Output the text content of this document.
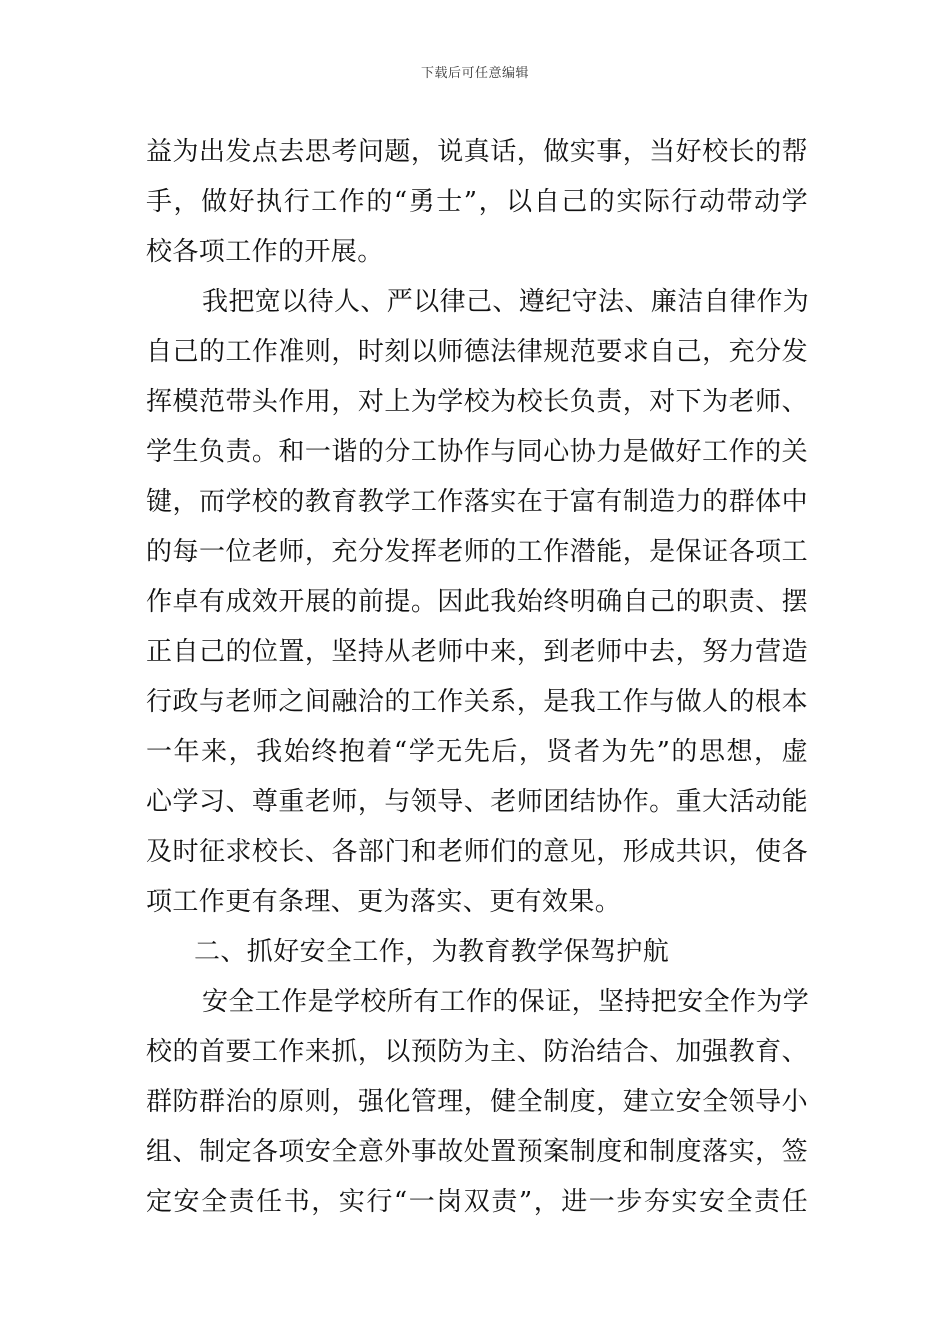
下载后可任意编辑
益为出发点去思考问题，说真话，做实事，当好校长的帮
手，做好执行工作的“勇士”，以自己的实际行动带动学
校各项工作的开展。
我把宽以待人、严以律己、遵纪守法、廉洁自律作为
自己的工作准则，时刻以师德法律规范要求自己，充分发
挥模范带头作用，对上为学校为校长负责，对下为老师、
学生负责。和一谐的分工协作与同心协力是做好工作的关
键，而学校的教育教学工作落实在于富有制造力的群体中
的每一位老师，充分发挥老师的工作潜能，是保证各项工
作卓有成效开展的前提。因此我始终明确自己的职责、摆
正自己的位置，坚持从老师中来，到老师中去，努力营造
行政与老师之间融洽的工作关系，是我工作与做人的根本
一年来，我始终抱着“学无先后，贤者为先”的思想，虚
心学习、尊重老师，与领导、老师团结协作。重大活动能
及时征求校长、各部门和老师们的意见，形成共识，使各
项工作更有条理、更为落实、更有效果。
二、抓好安全工作，为教育教学保驾护航
安全工作是学校所有工作的保证，坚持把安全作为学
校的首要工作来抓，以预防为主、防治结合、加强教育、
群防群治的原则，强化管理，健全制度，建立安全领导小
组、制定各项安全意外事故处置预案制度和制度落实，签
定安全责任书，实行“一岗双责”，进一步夯实安全责任
